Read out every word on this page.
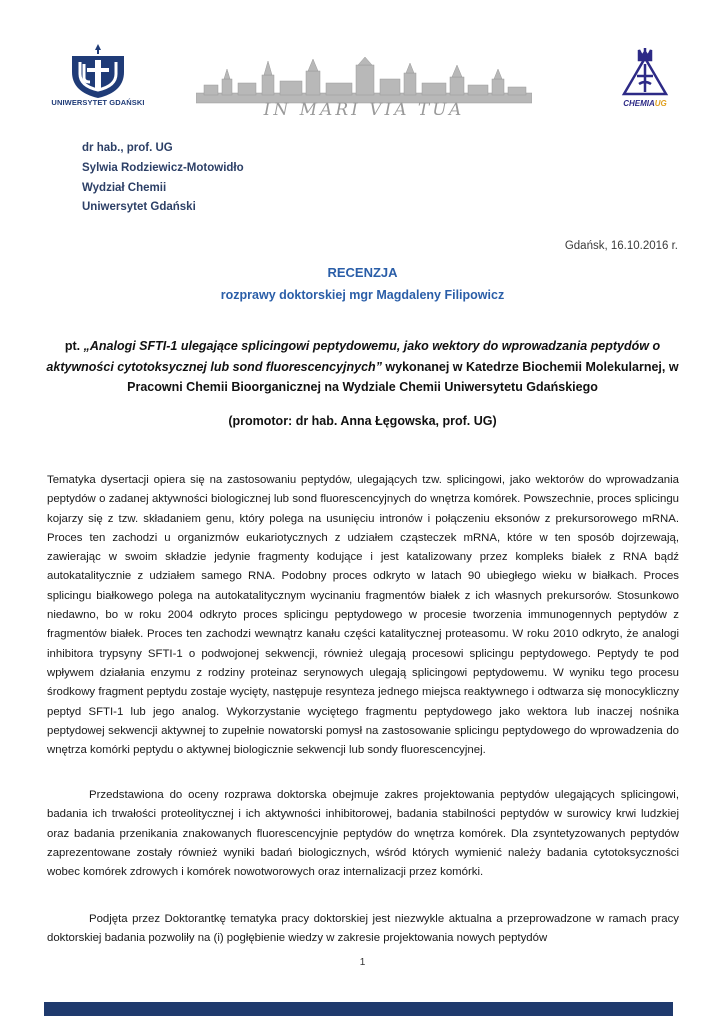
UNIWERSYTET GDAŃSKI	IN MARI VIA TUA	CHEMIAUG
dr hab., prof. UG
Sylwia Rodziewicz-Motowidło
Wydział Chemii
Uniwersytet Gdański
Gdańsk, 16.10.2016 r.
RECENZJA
rozprawy doktorskiej mgr Magdaleny Filipowicz
pt. „Analogi SFTI-1 ulegające splicingowi peptydowemu, jako wektory do wprowadzania peptydów o aktywności cytotoksycznej lub sond fluorescencyjnych” wykonanej w Katedrze Biochemii Molekularnej, w Pracowni Chemii Bioorganicznej na Wydziale Chemii Uniwersytetu Gdańskiego
(promotor: dr hab. Anna Łęgowska, prof. UG)

Tematyka dysertacji opiera się na zastosowaniu peptydów, ulegających tzw. splicingowi, jako wektorów do wprowadzania peptydów o zadanej aktywności biologicznej lub sond fluorescencyjnych do wnętrza komórek. Powszechnie, proces splicingu kojarzy się z tzw. składaniem genu, który polega na usunięciu intronów i połączeniu eksonów z prekursorowego mRNA. Proces ten zachodzi u organizmów eukariotycznych z udziałem cząsteczek mRNA, które w ten sposób dojrzewają, zawierając w swoim składzie jedynie fragmenty kodujące i jest katalizowany przez kompleks białek z RNA bądź autokatalitycznie z udziałem samego RNA. Podobny proces odkryto w latach 90 ubiegłego wieku w białkach. Proces splicingu białkowego polega na autokatalitycznym wycinaniu fragmentów białek z ich własnych prekursorów. Stosunkowo niedawno, bo w roku 2004 odkryto proces splicingu peptydowego w procesie tworzenia immunogennych peptydów z fragmentów białek. Proces ten zachodzi wewnątrz kanału części katalitycznej proteasomu. W roku 2010 odkryto, że analogi inhibitora trypsyny SFTI-1 o podwojonej sekwencji, również ulegają procesowi splicingu peptydowego. Peptydy te pod wpływem działania enzymu z rodziny proteinaz serynowych ulegają splicingowi peptydowemu. W wyniku tego procesu środkowy fragment peptydu zostaje wycięty, następuje resynteza jednego miejsca reaktywnego i odtwarza się monocykliczny peptyd SFTI-1 lub jego analog. Wykorzystanie wyciętego fragmentu peptydowego jako wektora lub inaczej nośnika peptydowej sekwencji aktywnej to zupełnie nowatorski pomysł na zastosowanie splicingu peptydowego do wprowadzenia do wnętrza komórki peptydu o aktywnej biologicznie sekwencji lub sondy fluorescencyjnej.

Przedstawiona do oceny rozprawa doktorska obejmuje zakres projektowania peptydów ulegających splicingowi, badania ich trwałości proteolitycznej i ich aktywności inhibitorowej, badania stabilności peptydów w surowicy krwi ludzkiej oraz badania przenikania znakowanych fluorescencyjnie peptydów do wnętrza komórek. Dla zsyntetyzowanych peptydów zaprezentowane zostały również wyniki badań biologicznych, wśród których wymienić należy badania cytotoksyczności wobec komórek zdrowych i komórek nowotworowych oraz internalizacji przez komórki.

Podjęta przez Doktorantkę tematyka pracy doktorskiej jest niezwykle aktualna a przeprowadzone w ramach pracy doktorskiej badania pozwoliły na (i) pogłębienie wiedzy w zakresie projektowania nowych peptydów

1
